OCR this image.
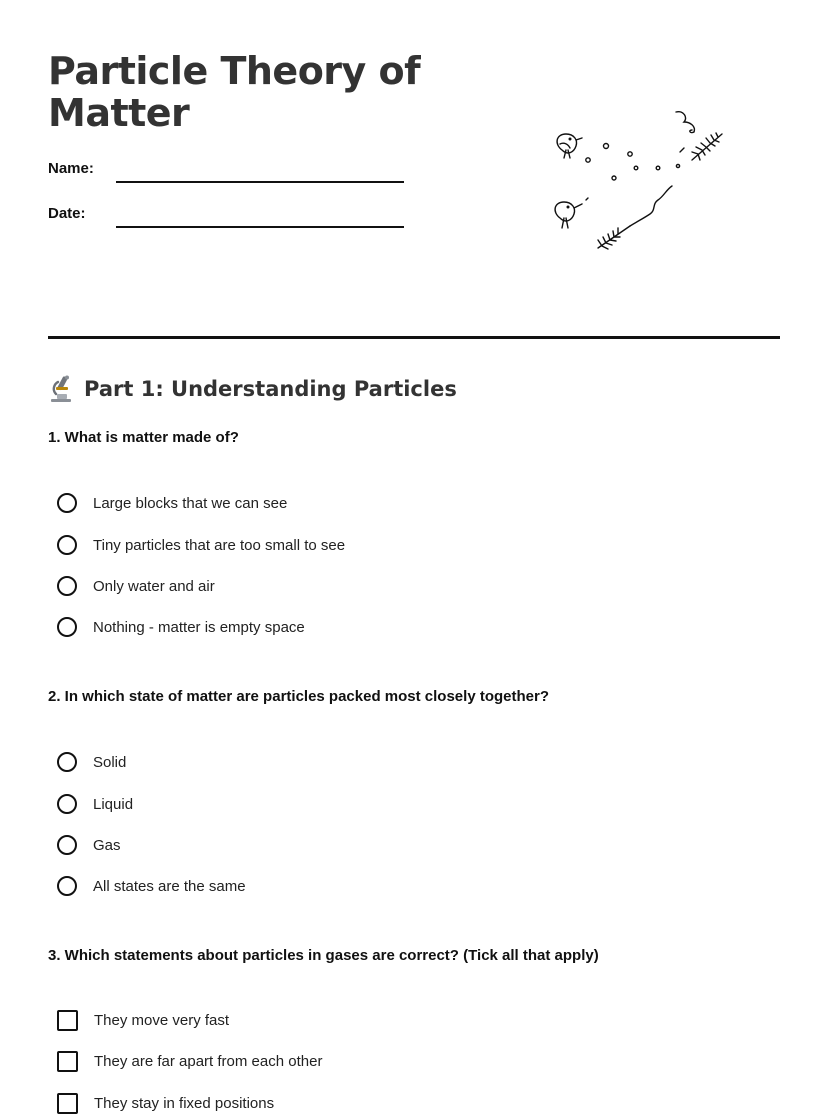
Particle Theory of Matter
Name:
Date:
Part 1: Understanding Particles

1. What is matter made of?

Large blocks that we can see
Tiny particles that are too small to see
Only water and air
Nothing - matter is empty space

2. In which state of matter are particles packed most closely together?

Solid
Liquid
Gas
All states are the same

3. Which statements about particles in gases are correct? (Tick all that apply)

They move very fast
They are far apart from each other
They stay in fixed positions
